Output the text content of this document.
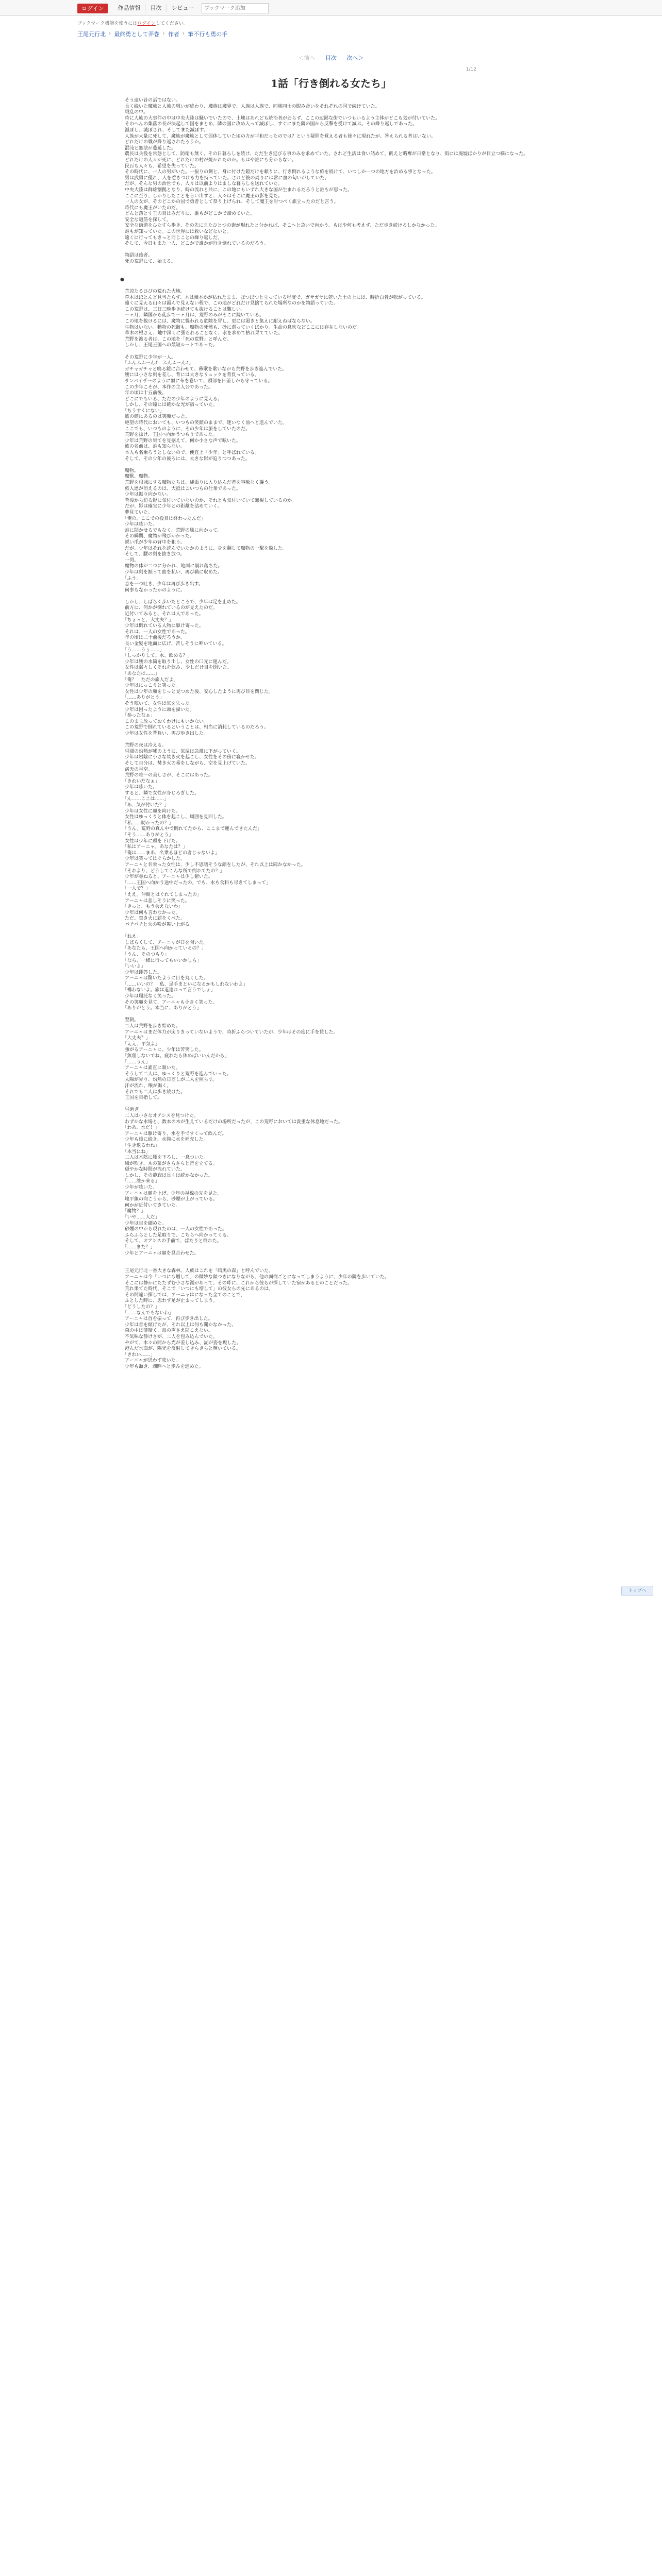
ログイン	作品情報	目次	レビュー
ブックマーク追加
ブックマーク機能を使うにはログインしてください。
王尾元行北 › 最終勇として弄巻 › 作者 › 筆不行も勇の手
＜前へ 目次 次へ＞
1/12
1話「行き倒れる女たち」

　そう遠い昔の話ではない。

　長く続いた魔族と人族の戦いが終わり、魔族は魔界で、人族は人族で、同族同士の睨み合いをそれぞれの国で続けていた。

　戦乱の中。

　時に人族の大事件の中は中央大陸は騒いでいたので、土地はあれども統治者がおらず、ここの辺鄙な街でいつもいるよう主体がどこも気が付いていた。

　そのへんの集落の長が決起して国をまとめ、隣の国に攻め入って滅ぼし、すぐにまた隣の国から反撃を受けて滅ぶ。その繰り返しであった。

　滅ぼし、滅ぼされ、そしてまた滅ぼす。

　人族が大量に死して、魔族が魔族として弱体していた頃の方が平和だったのでは？という疑問を覚える者も徐々に現れたが、答えられる者はいない。

　どれだけの戦が繰り返されたろうか。

　混沌と無法が蔓延した。

　農民は兵役を常態として、防衛も無く、その日暮らしを続け、ただ生き延びる事のみを求めていた。されど生活は食い詰めて、飢えと略奪が日常となり、街には廃墟ばかりが目立つ様になった。

　どれだけの人々が死に、どれだけの村が焼かれたのか。もはや誰にも分からない。

　民百も人々も、希望を失っていた。

　その時代に、一人の男がいた。一振りの剣と、身に付けた鎧だけを頼りに、行き倒れるような旅を続けて、いつしか一つの地方を治める事となった。

　男は武勇に優れ、人を惹きつける力を持っていた。されど彼の周りには常に血の匂いがしていた。

　だが、そんな男の治世でも、人々は以前よりはましな暮らしを送れていた。

　中央大陸は群雄割拠となり、時の流れと共に、この地にもいずれ大きな国が生まれるだろうと誰もが思った。

　ここに至り、しかりしたことを言い出すと、人々はそこに魔王の影を見た。

　一人の女が、そのどこかの国で勇者として祭り上げられ、そして魔王を討つべく旅立ったのだと言う。

　時代にも魔王がいたのだ。

　どんと落とす王の目はみだりに、誰もがどこかで諦めていた。

　安全な道筋を探して。

　安全な街道をひたすら歩き、その先にまたひとつの街が現れたと分かれば、そこへと急いで向かう。もはや何も考えず、ただ歩き続けるしかなかった。

　誰もが知っていた。この世界には救いなどないと。

　遠くに行ってもきっと同じことの繰り返しだ。

　そして、今日もまた一人、どこかで誰かが行き倒れているのだろう。

　物語は後者。

　死の荒野にて、始まる。

●

　荒涼たるひびの荒れた大地。

　草木はほとんど見当たらず、木は幾本かが枯れたまま、ぽつぽつと立っている程度で、ガサガサに乾いた土の上には、時折白骨が転がっている。

　遠くに見える山々は霞んで見えない程で、この地がどれだけ見捨てられた場所なのかを物語っていた。

　この荒野は、三日三晩歩き続けても抜けることは難しい。

　一ヶ月、隣国から徒歩で一ヶ月は、荒野のみがそこに続いている。

　この地を抜けるには、魔物に襲われる危険を冒し、更には渇きと飢えに耐えねばならない。

　生物はいない。動物の死骸も、魔物の死骸も、砂に還っていくばかり。生命の息吹などここには存在しないのだ。

　草木の根さえ、地中深くに張られることなく、水を求めて枯れ果てていた。

　荒野を渡る者は、この地を「死の荒野」と呼んだ。

　しかし、王尾王国への最短ルートであった。

　その荒野に少年が一人。

　「ふんふふーん♪　ふんふーん♪」

　ガチャガチャと鳴る鎧に合わせて、鼻歌を歌いながら荒野を歩き進んでいた。

　腰には小さな剣を差し、背には大きなリュックを背負っている。

　サンバイザーのように額に布を巻いて、頭部を日差しから守っている。

　この少年こそが、本作の主人公であった。

　年の頃は十五前後。

　どこにでもいる、ただの少年のように見える。

　しかし、その瞳には確かな光が宿っていた。

　「ちうすくにない」

　彼の顔にあるのは笑顔だった。

　絶望の時代においても、いつもの笑顔のままで、迷いなく前へと進んでいた。

　ここでも、いつものように、その少年は旅をしていたのだ。

　荒野を抜け、王国へ向かうつもりであった。

　少年は荒野の果てを見据えて、何か小さな声で呟いた。

　彼の名前は、誰も知らない。

　本人も名乗ろうとしないので、便宜上「少年」と呼ばれている。

　そして、その少年の後ろには、大きな影が迫りつつあった。

　魔物。

　魔獣、魔物。

　荒野を根城にする魔物たちは、縄張りに入り込んだ者を容赦なく襲う。

　旅人達が消えるのは、大抵はこいつらの仕業であった。

　少年は振り向かない。

　背後から迫る影に気付いていないのか、それとも気付いていて無視しているのか。

　だが、影は確実に少年との距離を詰めていく。

　夢見ていた。

　「俺の、ここでの役目は終わったんだ」

　少年は呟いた。

　誰に聞かせるでもなく、荒野の風に向かって。

　その瞬間、魔物が飛びかかった。

　鋭い爪が少年の背中を狙う。

　だが、少年はそれを読んでいたかのように、身を翻して魔物の一撃を躱した。

　そして、腰の剣を抜き放つ。

　一閃。

　魔物の体が二つに分かれ、地面に崩れ落ちた。

　少年は剣を振って血を払い、再び鞘に収めた。

　「ふう」

　息を一つ吐き、少年は再び歩き出す。

　何事もなかったかのように。

　しかし、しばらく歩いたところで、少年は足を止めた。

　前方に、何かが倒れているのが見えたのだ。

　近付いてみると、それは人であった。

　「ちょっと、大丈夫？」

　少年は倒れている人物に駆け寄った。

　それは、一人の女性であった。

　年の頃は二十前後だろうか。

　長い金髪を地面に広げ、苦しそうに呻いている。

　「う……うぅ……」

　「しっかりして。水、飲める？」

　少年は腰の水筒を取り出し、女性の口元に運んだ。

　女性は弱々しくそれを飲み、少しだけ目を開いた。

　「あなたは……」

　「俺？　ただの旅人だよ」

　少年はにっこりと笑った。

　女性は少年の顔をじっと見つめた後、安心したように再び目を閉じた。

　「……ありがとう」

　そう呟いて、女性は気を失った。

　少年は困ったように頭を掻いた。

　「参ったなぁ」

　このまま放っておくわけにもいかない。

　この荒野で倒れているということは、相当に消耗しているのだろう。

　少年は女性を背負い、再び歩き出した。

　荒野の夜は冷える。

　昼間の灼熱が嘘のように、気温は急激に下がっていく。

　少年は岩陰に小さな焚き火を起こし、女性をその傍に寝かせた。

　そして自分は、焚き火の番をしながら、空を見上げていた。

　満天の星空。

　荒野の唯一の美しさが、そこにはあった。

　「きれいだなぁ」

　少年は呟いた。

　すると、隣で女性が身じろぎした。

　「ん……ここは……」

　「あ、気が付いた？」

　少年は女性に顔を向けた。

　女性はゆっくりと体を起こし、周囲を見回した。

　「私……助かったの？」

　「うん。荒野の真ん中で倒れてたから、ここまで運んできたんだ」

　「そう……ありがとう」

　女性は少年に頭を下げた。

　「私はアーニャ。あなたは？」

　「俺は……まあ、名乗るほどの者じゃないよ」

　少年は笑ってはぐらかした。

　アーニャと名乗った女性は、少し不思議そうな顔をしたが、それ以上は聞かなかった。

　「それより、どうしてこんな所で倒れてたの？」

　少年が尋ねると、アーニャは少し俯いた。

　「……王国へ向かう途中だったの。でも、水も食料も尽きてしまって」

　「一人で？」

　「ええ。仲間とはぐれてしまったの」

　アーニャは悲しそうに笑った。

　「きっと、もう会えないわ」

　少年は何も言わなかった。

　ただ、焚き火に薪をくべた。

　パチパチと火の粉が舞い上がる。

　「ねえ」

　しばらくして、アーニャが口を開いた。

　「あなたも、王国へ向かっているの？」

　「うん、そのつもり」

　「なら、一緒に行ってもいいかしら」

　「いいよ」

　少年は即答した。

　アーニャは驚いたように目を丸くした。

　「……いいの？　私、足手まといになるかもしれないわよ」

　「構わないよ。旅は道連れって言うでしょ」

　少年は屈託なく笑った。

　その笑顔を見て、アーニャも小さく笑った。

　「ありがとう。本当に、ありがとう」

　翌朝。

　二人は荒野を歩き始めた。

　アーニャはまだ体力が戻りきっていないようで、時折ふらついていたが、少年はその度に手を貸した。

　「大丈夫？」

　「ええ、平気よ」

　強がるアーニャに、少年は苦笑した。

　「無理しないでね。疲れたら休めばいいんだから」

　「……うん」

　アーニャは素直に頷いた。

　そうして二人は、ゆっくりと荒野を進んでいった。

　太陽が昇り、灼熱の日差しが二人を照らす。

　汗が流れ、喉が渇く。

　それでも二人は歩き続けた。

　王国を目指して。

　昼過ぎ。

　二人は小さなオアシスを見つけた。

　わずかな水場と、数本の木が生えているだけの場所だったが、この荒野においては貴重な休息地だった。

　「わあ、水だ！」

　アーニャは駆け寄り、水を手ですくって飲んだ。

　少年も後に続き、水筒に水を補充した。

　「生き返るわね」

　「本当にね」

　二人は木陰に腰を下ろし、一息ついた。

　風が吹き、木の葉がさらさらと音を立てる。

　穏やかな時間が流れていた。

　しかし、その静寂は長くは続かなかった。

　「……誰か来る」

　少年が呟いた。

　アーニャは顔を上げ、少年の視線の先を見た。

　地平線の向こうから、砂煙が上がっている。

　何かが近付いてきていた。

　「魔物？」

　「いや……人だ」

　少年は目を細めた。

　砂煙の中から現れたのは、一人の女性であった。

　ふらふらとした足取りで、こちらへ向かってくる。

　そして、オアシスの手前で、ばたりと倒れた。

　「……また？」

　少年とアーニャは顔を見合わせた。

　王尾元行北一番大きな森林、人族はこれを「暗黒の森」と呼んでいた。

　アーニャは今「いつにも増して」の微妙な顔つきになりながら、他の面倒ごとになってしまうように、少年の隣を歩いていた。

　そこには静かにたたずむ小さな湖があって、その畔に、これから彼らが探していた宿があるとのことだった。

　荒れ果てた時代、そこで「いつにも増して」の彼女らの先にあるのは。

　その間違い探しでは、アーニャはになった全てのことで、

　ふとした時に、思わず足が止まってしまう。

　「どうしたの？」

　「……なんでもないわ」

　アーニャは首を振って、再び歩き出した。

　少年は首を傾げたが、それ以上は何も聞かなかった。

　森の中は薄暗く、鳥の声さえ聞こえない。

　不気味な静けさが、二人を包み込んでいた。

　やがて、木々の間から光が差し込み、湖が姿を現した。

　澄んだ水面が、陽光を反射してきらきらと輝いている。

　「きれい……」

　アーニャが思わず呟いた。

　少年も頷き、湖畔へと歩みを進めた。

トップへ
